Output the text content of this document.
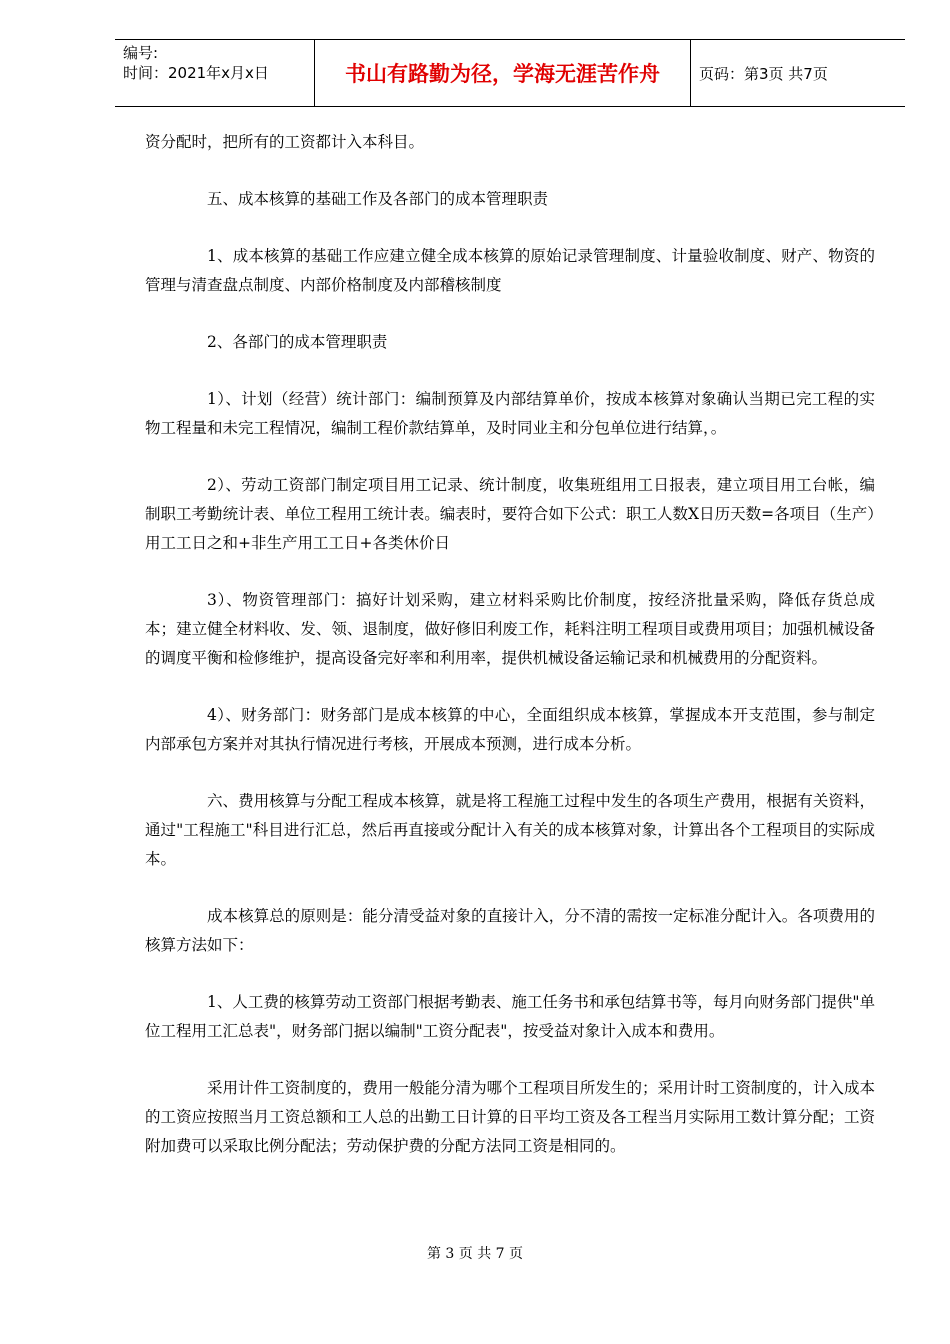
编号:
时间：2021年x月x日	书山有路勤为径，学海无涯苦作舟	页码：第3页 共7页

资分配时，把所有的工资都计入本科目。

五、成本核算的基础工作及各部门的成本管理职责

1、成本核算的基础工作应建立健全成本核算的原始记录管理制度、计量验收制度、财产、物资的管理与清查盘点制度、内部价格制度及内部稽核制度

2、各部门的成本管理职责

1）、计划（经营）统计部门：编制预算及内部结算单价，按成本核算对象确认当期已完工程的实物工程量和未完工程情况，编制工程价款结算单，及时同业主和分包单位进行结算，。

2）、劳动工资部门制定项目用工记录、统计制度，收集班组用工日报表，建立项目用工台帐，编制职工考勤统计表、单位工程用工统计表。编表时，要符合如下公式：职工人数X日历天数=各项目（生产）用工工日之和+非生产用工工日+各类休价日

3）、物资管理部门：搞好计划采购，建立材料采购比价制度，按经济批量采购，降低存货总成本；建立健全材料收、发、领、退制度，做好修旧利废工作，耗料注明工程项目或费用项目；加强机械设备的调度平衡和检修维护，提高设备完好率和利用率，提供机械设备运输记录和机械费用的分配资料。

4）、财务部门：财务部门是成本核算的中心，全面组织成本核算，掌握成本开支范围，参与制定内部承包方案并对其执行情况进行考核，开展成本预测，进行成本分析。

六、费用核算与分配工程成本核算，就是将工程施工过程中发生的各项生产费用，根据有关资料，通过"工程施工"科目进行汇总，然后再直接或分配计入有关的成本核算对象，计算出各个工程项目的实际成本。

成本核算总的原则是：能分清受益对象的直接计入，分不清的需按一定标准分配计入。各项费用的核算方法如下：

1、人工费的核算劳动工资部门根据考勤表、施工任务书和承包结算书等，每月向财务部门提供"单位工程用工汇总表"，财务部门据以编制"工资分配表"，按受益对象计入成本和费用。

采用计件工资制度的，费用一般能分清为哪个工程项目所发生的；采用计时工资制度的，计入成本的工资应按照当月工资总额和工人总的出勤工日计算的日平均工资及各工程当月实际用工数计算分配；工资附加费可以采取比例分配法；劳动保护费的分配方法同工资是相同的。

第 3 页 共 7 页
